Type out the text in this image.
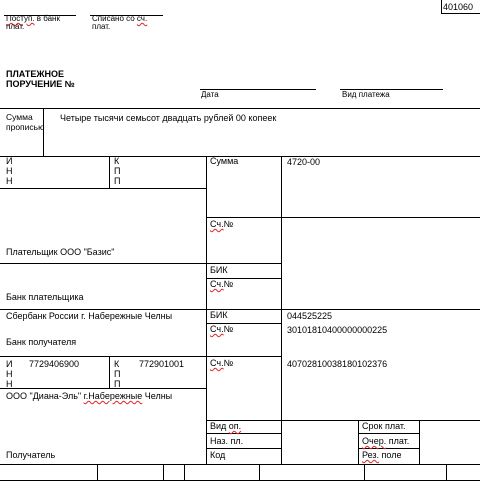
Поступ. в банк плат.
Списано со сч. плат.
401060
ПЛАТЕЖНОЕ
ПОРУЧЕНИЕ №
Дата	Вид платежа
Сумма прописью
Четыре тысячи семьсот двадцать рублей 00 копеек
И
Н
Н
К
П
П
Сумма	4720-00
Сч.№
Плательщик ООО "Базис"
БИК
Сч.№
Банк плательщика
Сбербанк России г. Набережные Челны	БИК	044525225
Сч.№	30101810400000000225
Банк получателя
И 7729406900
Н
Н
К 772901001
П
П
Сч.№	40702810038180102376
ООО "Диана-Эль" г.Набережные Челны
Вид оп.
Наз. пл.
Код
Срок плат.
Очер. плат.
Рез. поле
Получатель
